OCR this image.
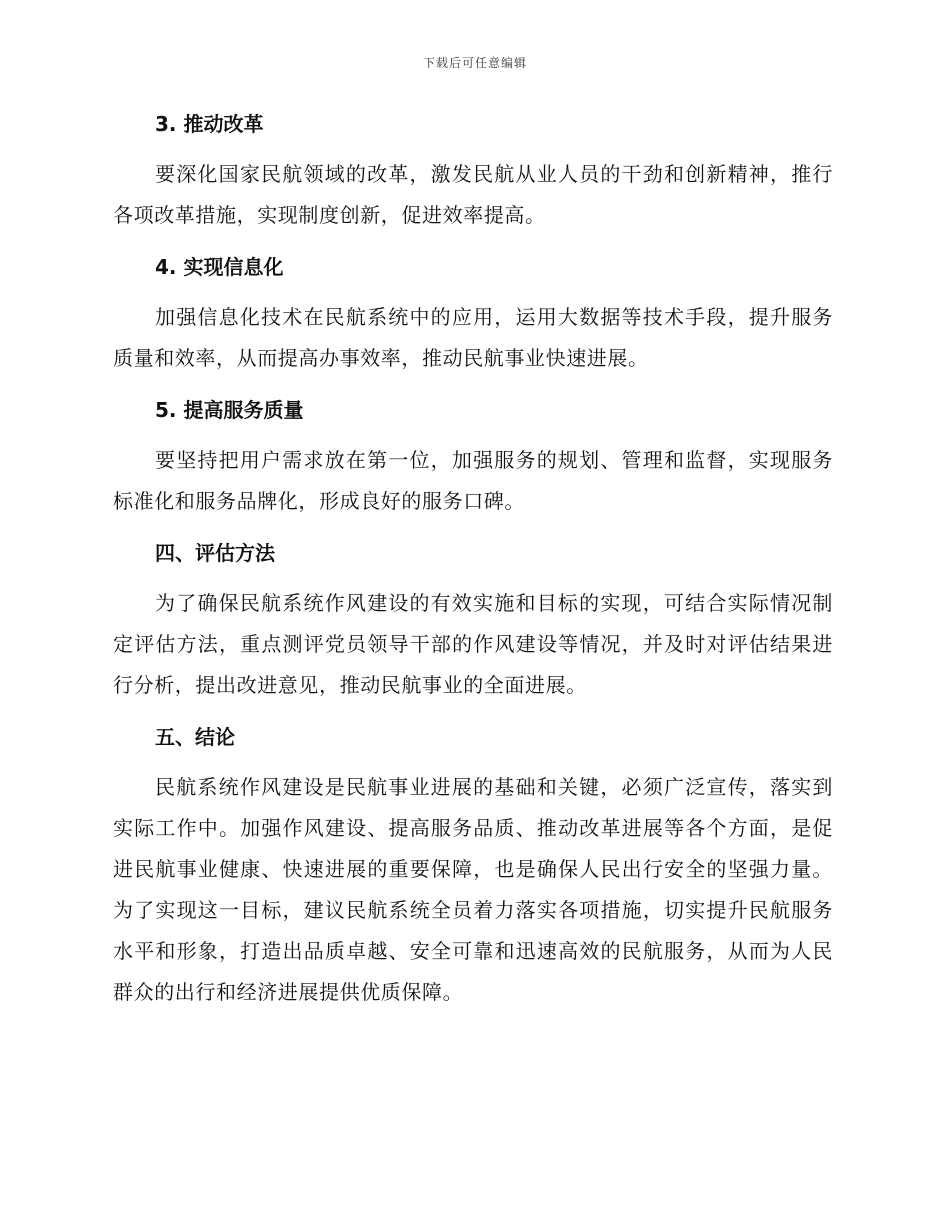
下载后可任意编辑
3. 推动改革

要深化国家民航领域的改革，激发民航从业人员的干劲和创新精神，推行各项改革措施，实现制度创新，促进效率提高。

4. 实现信息化

加强信息化技术在民航系统中的应用，运用大数据等技术手段，提升服务质量和效率，从而提高办事效率，推动民航事业快速进展。

5. 提高服务质量

要坚持把用户需求放在第一位，加强服务的规划、管理和监督，实现服务标准化和服务品牌化，形成良好的服务口碑。

四、评估方法

为了确保民航系统作风建设的有效实施和目标的实现，可结合实际情况制定评估方法，重点测评党员领导干部的作风建设等情况，并及时对评估结果进行分析，提出改进意见，推动民航事业的全面进展。

五、结论

民航系统作风建设是民航事业进展的基础和关键，必须广泛宣传，落实到实际工作中。加强作风建设、提高服务品质、推动改革进展等各个方面，是促进民航事业健康、快速进展的重要保障，也是确保人民出行安全的坚强力量。为了实现这一目标，建议民航系统全员着力落实各项措施，切实提升民航服务水平和形象，打造出品质卓越、安全可靠和迅速高效的民航服务，从而为人民群众的出行和经济进展提供优质保障。
